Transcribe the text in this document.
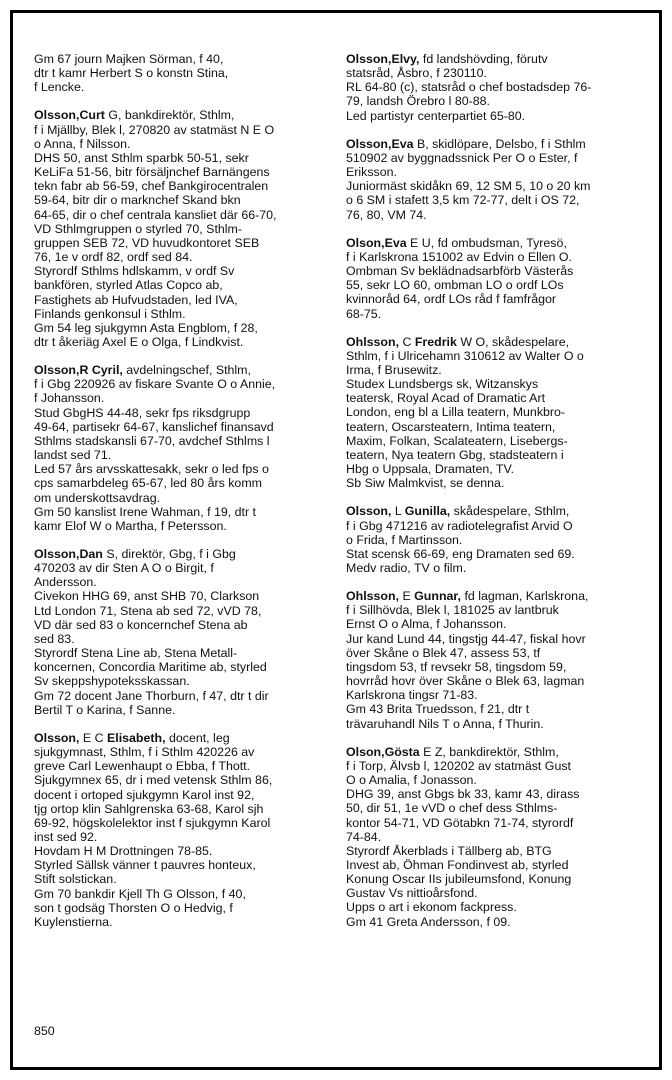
Gm 67 journ Majken Sörman, f 40,
dtr t kamr Herbert S o konstn Stina,
f Lencke.
Olsson,Curt G, bankdirektör, Sthlm,
f i Mjällby, Blek l, 270820 av statmäst N E O
o Anna, f Nilsson.
DHS 50, anst Sthlm sparbk 50-51, sekr
KeLiFa 51-56, bitr försäljnchef Barnängens
tekn fabr ab 56-59, chef Bankgirocentralen
59-64, bitr dir o marknchef Skand bkn
64-65, dir o chef centrala kansliet där 66-70,
VD Sthlmgruppen o styrled 70, Sthlm-
gruppen SEB 72, VD huvudkontoret SEB
76, 1e v ordf 82, ordf sed 84.
Styrordf Sthlms hdlskamm, v ordf Sv
bankfören, styrled Atlas Copco ab,
Fastighets ab Hufvudstaden, led IVA,
Finlands genkonsul i Sthlm.
Gm 54 leg sjukgymn Asta Engblom, f 28,
dtr t åkeriäg Axel E o Olga, f Lindkvist.
Olsson,R Cyril, avdelningschef, Sthlm,
f i Gbg 220926 av fiskare Svante O o Annie,
f Johansson.
Stud GbgHS 44-48, sekr fps riksdgrupp
49-64, partisekr 64-67, kanslichef finansavd
Sthlms stadskansli 67-70, avdchef Sthlms l
landst sed 71.
Led 57 års arvsskattesakk, sekr o led fps o
cps samarbdeleg 65-67, led 80 års komm
om underskottsavdrag.
Gm 50 kanslist Irene Wahman, f 19, dtr t
kamr Elof W o Martha, f Petersson.
Olsson,Dan S, direktör, Gbg, f i Gbg
470203 av dir Sten A O o Birgit, f
Andersson.
Civekon HHG 69, anst SHB 70, Clarkson
Ltd London 71, Stena ab sed 72, vVD 78,
VD där sed 83 o koncernchef Stena ab
sed 83.
Styrordf Stena Line ab, Stena Metall-
koncernen, Concordia Maritime ab, styrled
Sv skeppshypoteksskassan.
Gm 72 docent Jane Thorburn, f 47, dtr t dir
Bertil T o Karina, f Sanne.
Olsson, E C Elisabeth, docent, leg
sjukgymnast, Sthlm, f i Sthlm 420226 av
greve Carl Lewenhaupt o Ebba, f Thott.
Sjukgymnex 65, dr i med vetensk Sthlm 86,
docent i ortoped sjukgymn Karol inst 92,
tjg ortop klin Sahlgrenska 63-68, Karol sjh
69-92, högskolelektor inst f sjukgymn Karol
inst sed 92.
Hovdam H M Drottningen 78-85.
Styrled Sällsk vänner t pauvres honteux,
Stift solstickan.
Gm 70 bankdir Kjell Th G Olsson, f 40,
son t godsäg Thorsten O o Hedvig, f
Kuylenstierna.
Olsson,Elvy, fd landshövding, förutv
statsråd, Åsbro, f 230110.
RL 64-80 (c), statsråd o chef bostadsdep 76-
79, landsh Örebro l 80-88.
Led partistyr centerpartiet 65-80.
Olsson,Eva B, skidlöpare, Delsbo, f i Sthlm
510902 av byggnadssnick Per O o Ester, f
Eriksson.
Juniormäst skidåkn 69, 12 SM 5, 10 o 20 km
o 6 SM i stafett 3,5 km 72-77, delt i OS 72,
76, 80, VM 74.
Olson,Eva E U, fd ombudsman, Tyresö,
f i Karlskrona 151002 av Edvin o Ellen O.
Ombman Sv beklädnadsarbförb Västerås
55, sekr LO 60, ombman LO o ordf LOs
kvinnoråd 64, ordf LOs råd f famfrågor
68-75.
Ohlsson, C Fredrik W O, skådespelare,
Sthlm, f i Ulricehamn 310612 av Walter O o
Irma, f Brusewitz.
Studex Lundsbergs sk, Witzanskys
teatersk, Royal Acad of Dramatic Art
London, eng bl a Lilla teatern, Munkbro-
teatern, Oscarsteatern, Intima teatern,
Maxim, Folkan, Scalateatern, Lisebergs-
teatern, Nya teatern Gbg, stadsteatern i
Hbg o Uppsala, Dramaten, TV.
Sb Siw Malmkvist, se denna.
Olsson, L Gunilla, skådespelare, Sthlm,
f i Gbg 471216 av radiotelegrafist Arvid O
o Frida, f Martinsson.
Stat scensk 66-69, eng Dramaten sed 69.
Medv radio, TV o film.
Ohlsson, E Gunnar, fd lagman, Karlskrona,
f i Sillhövda, Blek l, 181025 av lantbruk
Ernst O o Alma, f Johansson.
Jur kand Lund 44, tingstjg 44-47, fiskal hovr
över Skåne o Blek 47, assess 53, tf
tingsdom 53, tf revsekr 58, tingsdom 59,
hovrråd hovr över Skåne o Blek 63, lagman
Karlskrona tingsr 71-83.
Gm 43 Brita Truedsson, f 21, dtr t
trävaruhandl Nils T o Anna, f Thurin.
Olson,Gösta E Z, bankdirektör, Sthlm,
f i Torp, Älvsb l, 120202 av statmäst Gust
O o Amalia, f Jonasson.
DHG 39, anst Gbgs bk 33, kamr 43, dirass
50, dir 51, 1e vVD o chef dess Sthlms-
kontor 54-71, VD Götabkn 71-74, styrordf
74-84.
Styrordf Åkerblads i Tällberg ab, BTG
Invest ab, Öhman Fondinvest ab, styrled
Konung Oscar IIs jubileumsfond, Konung
Gustav Vs nittioårsfond.
Upps o art i ekonom fackpress.
Gm 41 Greta Andersson, f 09.
850
